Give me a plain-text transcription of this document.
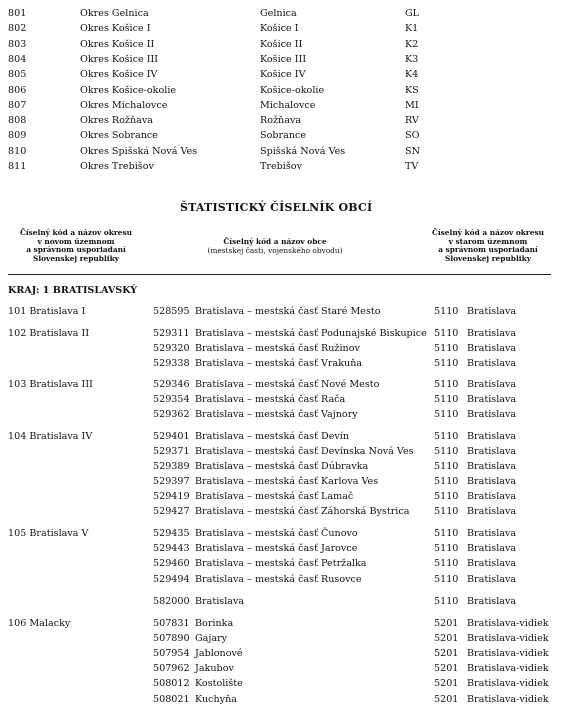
801	Okres Gelnica	Gelnica	GL
802	Okres Košice I	Košice I	K1
803	Okres Košice II	Košice II	K2
804	Okres Košice III	Košice III	K3
805	Okres Košice IV	Košice IV	K4
806	Okres Košice-okolie	Košice-okolie	KS
807	Okres Michalovce	Michalovce	MI
808	Okres Rožňava	Rožňava	RV
809	Okres Sobrance	Sobrance	SO
810	Okres Spišská Nová Ves	Spišská Nová Ves	SN
811	Okres Trebišov	Trebišov	TV
ŠTATISTICKÝ ČÍSELNÍK OBCÍ
Číselný kód a názov okresu
v novom územnom
a správnom usporiadaní
Slovenskej republiky
Číselný kód a názov obce
(mestskej časti, vojenského obvodu)
Číselný kód a názov okresu
v starom územnom
a správnom usporiadaní
Slovenskej republiky
KRAJ: 1 BRATISLAVSKÝ
101 Bratislava I	528595 Bratislava – mestská časť Staré Mesto	5110 Bratislava
102 Bratislava II	529311 Bratislava – mestská časť Podunajské Biskupice 5110 Bratislava
529320 Bratislava – mestská časť Ružinov	5110 Bratislava
529338 Bratislava – mestská časť Vrakuňa	5110 Bratislava
103 Bratislava III	529346 Bratislava – mestská časť Nové Mesto	5110 Bratislava
529354 Bratislava – mestská časť Rača	5110 Bratislava
529362 Bratislava – mestská časť Vajnory	5110 Bratislava
104 Bratislava IV	529401 Bratislava – mestská časť Devín	5110 Bratislava
529371 Bratislava – mestská časť Devínska Nová Ves 5110 Bratislava
529389 Bratislava – mestská časť Dúbravka	5110 Bratislava
529397 Bratislava – mestská časť Karlova Ves	5110 Bratislava
529419 Bratislava – mestská časť Lamač	5110 Bratislava
529427 Bratislava – mestská časť Záhorská Bystrica	5110 Bratislava
105 Bratislava V	529435 Bratislava – mestská časť Čunovo	5110 Bratislava
529443 Bratislava – mestská časť Jarovce	5110 Bratislava
529460 Bratislava – mestská časť Petržalka	5110 Bratislava
529494 Bratislava – mestská časť Rusovce	5110 Bratislava
582000 Bratislava	5110 Bratislava
106 Malacky	507831 Borinka	5201 Bratislava-vidiek
507890 Gajary	5201 Bratislava-vidiek
507954 Jablonové	5201 Bratislava-vidiek
507962 Jakubov	5201 Bratislava-vidiek
508012 Kostolište	5201 Bratislava-vidiek
508021 Kuchyňa	5201 Bratislava-vidiek
